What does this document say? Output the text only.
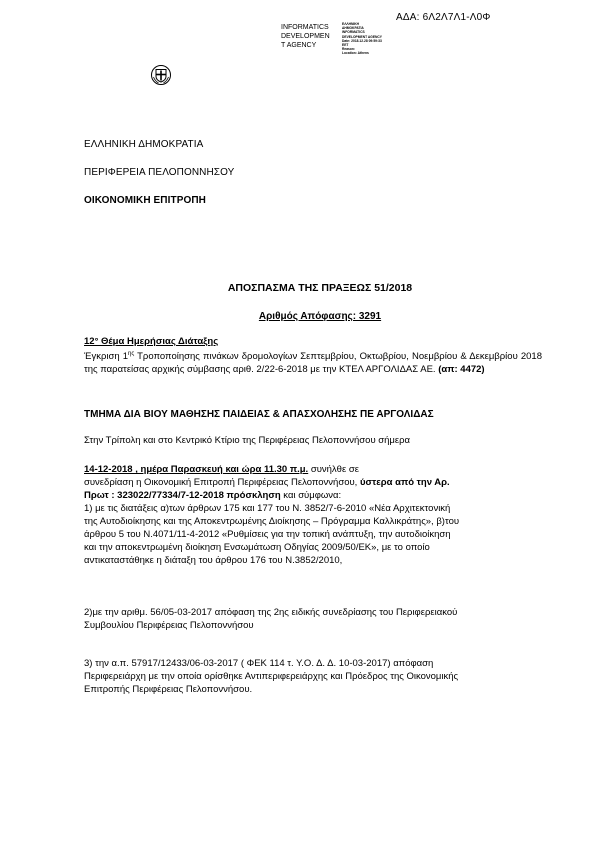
ΑΔΑ: 6Λ2Λ7Λ1-Λ0Φ
INFORMATICS
DEVELOPMEN
T AGENCY
ΕΛΛΗΝΙΚΗ
ΔΗΜΟΚΡΑΤΙΑ
INFORMATICS
DEVELOPMENT AGENCY
Date: 2018.12.28 09:59:33
EET
Reason:
Location: Athens
ΕΛΛΗΝΙΚΗ ΔΗΜΟΚΡΑΤΙΑ
ΠΕΡΙΦΕΡΕΙΑ ΠΕΛΟΠΟΝΝΗΣΟΥ
ΟΙΚΟΝΟΜΙΚΗ ΕΠΙΤΡΟΠΗ
ΑΠΟΣΠΑΣΜΑ ΤΗΣ ΠΡΑΞΕΩΣ 51/2018
Αριθμός Απόφασης: 3291
12° Θέμα Ημερήσιας Διάταξης
Έγκριση $1^{\eta\varsigma}$ Τροποποίησης πινάκων δρομολογίων Σεπτεμβρίου, Οκτωβρίου, Νοεμβρίου & Δεκεμβρίου 2018 της παρατείσας αρχικής σύμβασης αριθ. 2/22-6-2018 με την ΚΤΕΛ ΑΡΓΟΛΙΔΑΣ ΑΕ. (απ: 4472)
ΤΜΗΜΑ ΔΙΑ ΒΙΟΥ ΜΑΘΗΣΗΣ ΠΑΙΔΕΙΑΣ & ΑΠΑΣΧΟΛΗΣΗΣ ΠΕ ΑΡΓΟΛΙΔΑΣ
Στην Τρίπολη και στο Κεντρικό Κτίριο της Περιφέρειας Πελοποννήσου σήμερα
14-12-2018 , ημέρα Παρασκευή και ώρα 11.30 π.μ. συνήλθε σε
συνεδρίαση η Οικονομική Επιτροπή Περιφέρειας Πελοποννήσου, ύστερα από την Αρ.
Πρωτ : 323022/77334/7-12-2018 πρόσκληση και σύμφωνα:
1) με τις διατάξεις α)των άρθρων 175 και 177 του Ν. 3852/7-6-2010 «Νέα Αρχιτεκτονική
της Αυτοδιοίκησης και της Αποκεντρωμένης Διοίκησης – Πρόγραμμα Καλλικράτης», β)του
άρθρου 5 του Ν.4071/11-4-2012 «Ρυθμίσεις για την τοπική ανάπτυξη, την αυτοδιοίκηση
και την αποκεντρωμένη διοίκηση Ενσωμάτωση Οδηγίας 2009/50/ΕΚ», με το οποίο
αντικαταστάθηκε η διάταξη του άρθρου 176 του Ν.3852/2010,
2)με την αριθμ. 56/05-03-2017 απόφαση της 2ης ειδικής συνεδρίασης του Περιφερειακού
Συμβουλίου Περιφέρειας Πελοποννήσου
3) την α.π. 57917/12433/06-03-2017 ( ΦΕΚ 114 τ. Υ.Ο. Δ. Δ. 10-03-2017) απόφαση
Περιφερειάρχη με την οποία ορίσθηκε Αντιπεριφερειάρχης και Πρόεδρος της Οικονομικής
Επιτροπής Περιφέρειας Πελοποννήσου.
